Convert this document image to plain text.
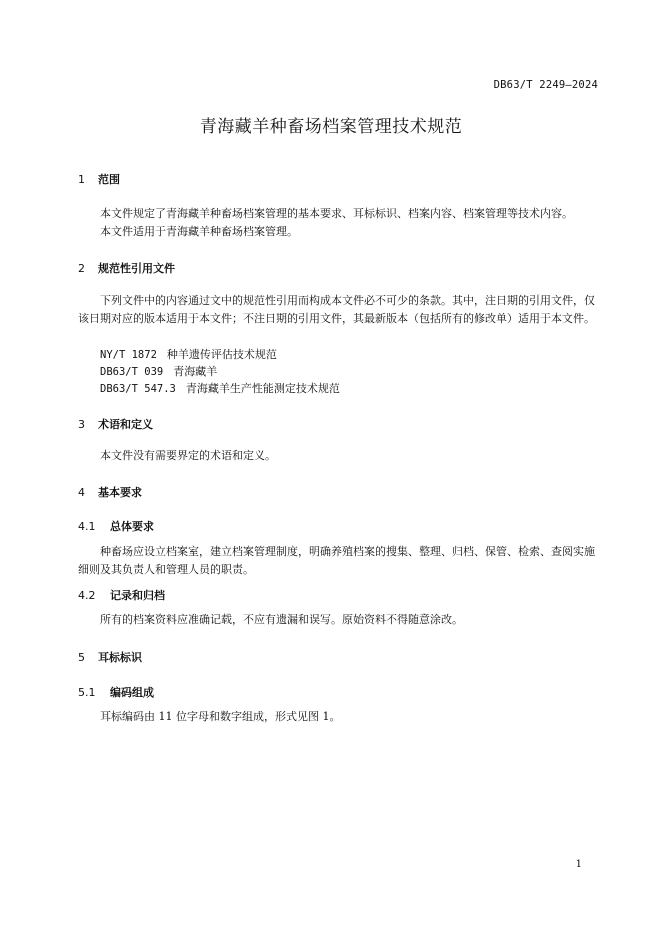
DB63/T 2249—2024
青海藏羊种畜场档案管理技术规范
1 范围
本文件规定了青海藏羊种畜场档案管理的基本要求、耳标标识、档案内容、档案管理等技术内容。
本文件适用于青海藏羊种畜场档案管理。
2 规范性引用文件
下列文件中的内容通过文中的规范性引用而构成本文件必不可少的条款。其中，注日期的引用文件，仅该日期对应的版本适用于本文件；不注日期的引用文件，其最新版本（包括所有的修改单）适用于本文件。
NY/T 1872 种羊遗传评估技术规范
DB63/T 039 青海藏羊
DB63/T 547.3 青海藏羊生产性能测定技术规范
3 术语和定义
本文件没有需要界定的术语和定义。
4 基本要求
4.1 总体要求
种畜场应设立档案室，建立档案管理制度，明确养殖档案的搜集、整理、归档、保管、检索、查阅实施细则及其负责人和管理人员的职责。
4.2 记录和归档
所有的档案资料应准确记载，不应有遗漏和误写。原始资料不得随意涂改。
5 耳标标识
5.1 编码组成
耳标编码由 11 位字母和数字组成，形式见图 1。
1
